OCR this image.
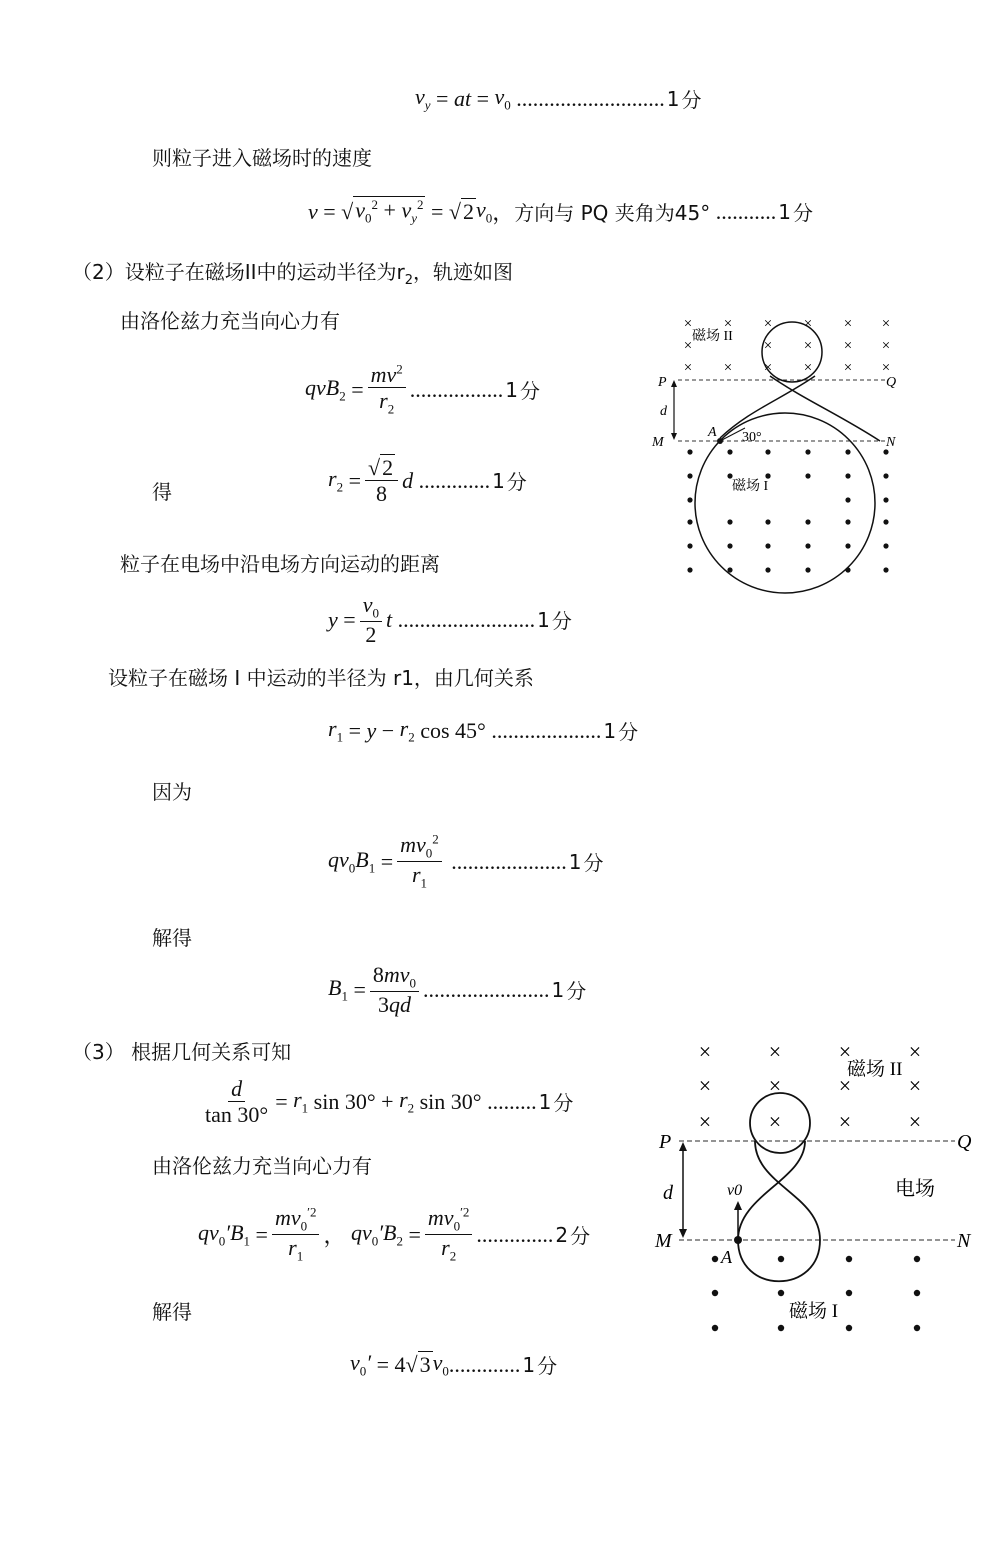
$v_y$ = at = $v_0$ ........................... 1 分
则粒子进入磁场时的速度
v = √ $v_0^2 + v_y^2$ = √ 2 $v_0$ ， 方向与 PQ 夹角为45° ........... 1 分
（2）设粒子在磁场II中的运动半径为$r_2$，轨迹如图
由洛伦兹力充当向心力有
$qvB_2 = \frac{mv^2}{r_2}$ ................. 1 分
得
$r_2 = \frac{√2}{8}$ d ............. 1 分
粒子在电场中沿电场方向运动的距离
$y = \frac{v_0}{2}$ t ......................... 1 分
设粒子在磁场 I 中运动的半径为 r1，由几何关系
$r_1 = y - r_2$ cos 45° .................... 1 分
因为
$qv_0B_1 = \frac{mv_0^2}{r_1}$ ..................... 1 分
解得
$B_1 = \frac{8mv_0}{3qd}$ ....................... 1 分
（3） 根据几何关系可知
$\frac{d}{\tan 30^\circ} = r_1$ $\sin 30^\circ + r_2$ sin 30° ......... 1 分
由洛伦兹力充当向心力有
$qv_0'B_1 = \frac{mv_0^{'2}}{r_1}$ ， $qv_0'B_2 = \frac{mv_0^{'2}}{r_2}$ .............. 2 分
解得
$v_0' = 4√$ 3 $v_0$ ............. 1 分
× × × × × ×
×	× × × ×
× × × × × ×
磁场 II
P	Q
M	N
d
A 30°
磁场 I
×	×	×	×
×	×	×	×
×	×	×	×
磁场 II
P	Q
M	N
d	电场
A
v0
磁场 I
